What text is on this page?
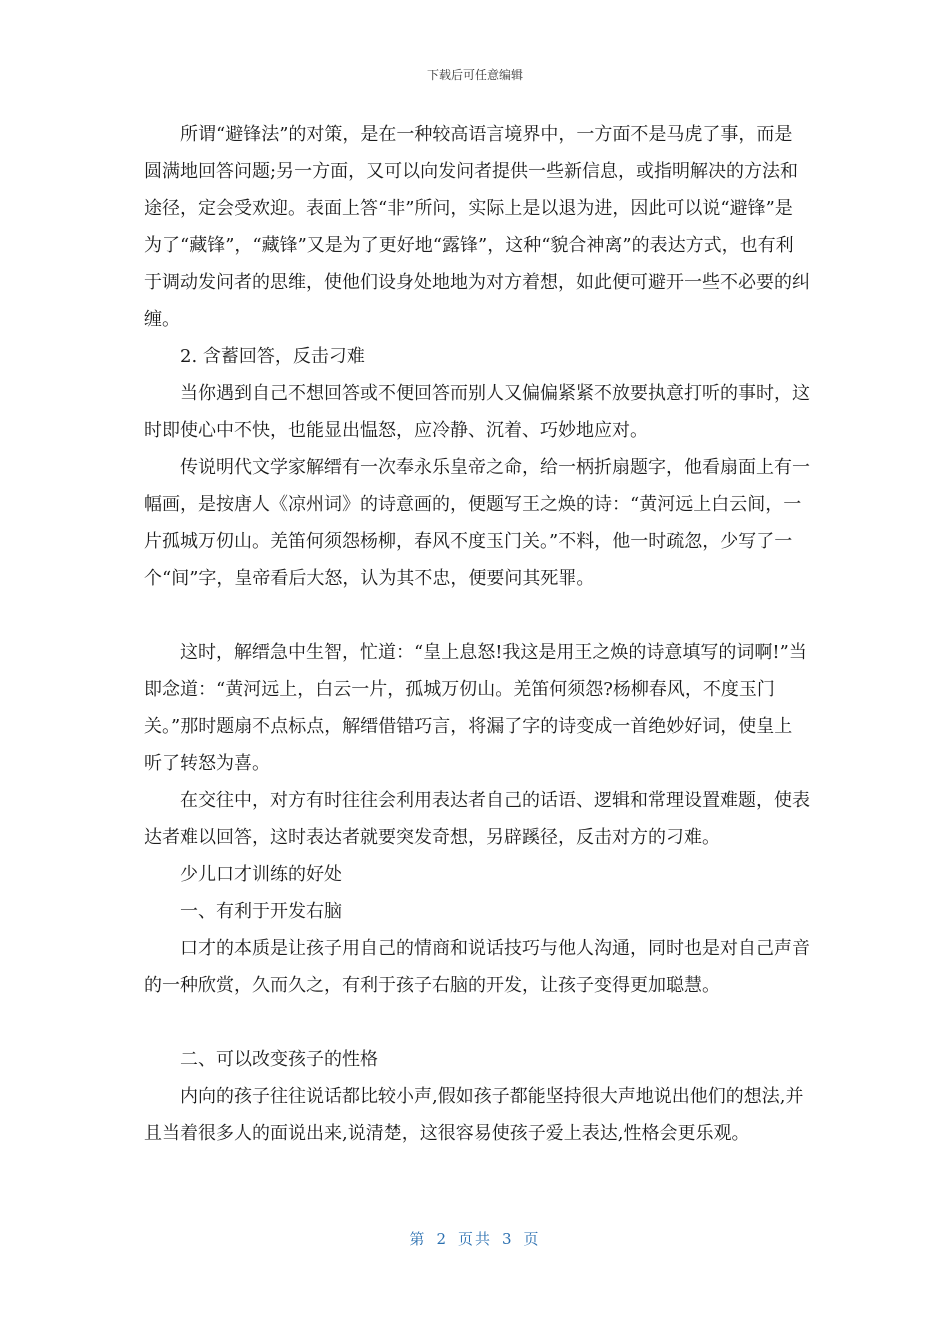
下载后可任意编辑

所谓“避锋法”的对策，是在一种较高语言境界中，一方面不是马虎了事，而是圆满地回答问题;另一方面，又可以向发问者提供一些新信息，或指明解决的方法和途径，定会受欢迎。表面上答“非”所问，实际上是以退为进，因此可以说“避锋”是为了“藏锋”，“藏锋”又是为了更好地“露锋”，这种“貌合神离”的表达方式，也有利于调动发问者的思维，使他们设身处地地为对方着想，如此便可避开一些不必要的纠缠。

2. 含蓄回答，反击刁难

当你遇到自己不想回答或不便回答而别人又偏偏紧紧不放要执意打听的事时，这时即使心中不快，也能显出愠怒，应冷静、沉着、巧妙地应对。

传说明代文学家解缙有一次奉永乐皇帝之命，给一柄折扇题字，他看扇面上有一幅画，是按唐人《凉州词》的诗意画的，便题写王之焕的诗：“黄河远上白云间，一片孤城万仞山。羌笛何须怨杨柳，春风不度玉门关。”不料，他一时疏忽，少写了一个“间”字，皇帝看后大怒，认为其不忠，便要问其死罪。

这时，解缙急中生智，忙道：“皇上息怒!我这是用王之焕的诗意填写的词啊!”当即念道：“黄河远上，白云一片，孤城万仞山。羌笛何须怨?杨柳春风，不度玉门关。”那时题扇不点标点，解缙借错巧言，将漏了字的诗变成一首绝妙好词，使皇上听了转怒为喜。

在交往中，对方有时往往会利用表达者自己的话语、逻辑和常理设置难题，使表达者难以回答，这时表达者就要突发奇想，另辟蹊径，反击对方的刁难。

少儿口才训练的好处

一、有利于开发右脑

口才的本质是让孩子用自己的情商和说话技巧与他人沟通，同时也是对自己声音的一种欣赏，久而久之，有利于孩子右脑的开发，让孩子变得更加聪慧。

二、可以改变孩子的性格

内向的孩子往往说话都比较小声,假如孩子都能坚持很大声地说出他们的想法,并且当着很多人的面说出来,说清楚，这很容易使孩子爱上表达,性格会更乐观。

第 2 页共 3 页
